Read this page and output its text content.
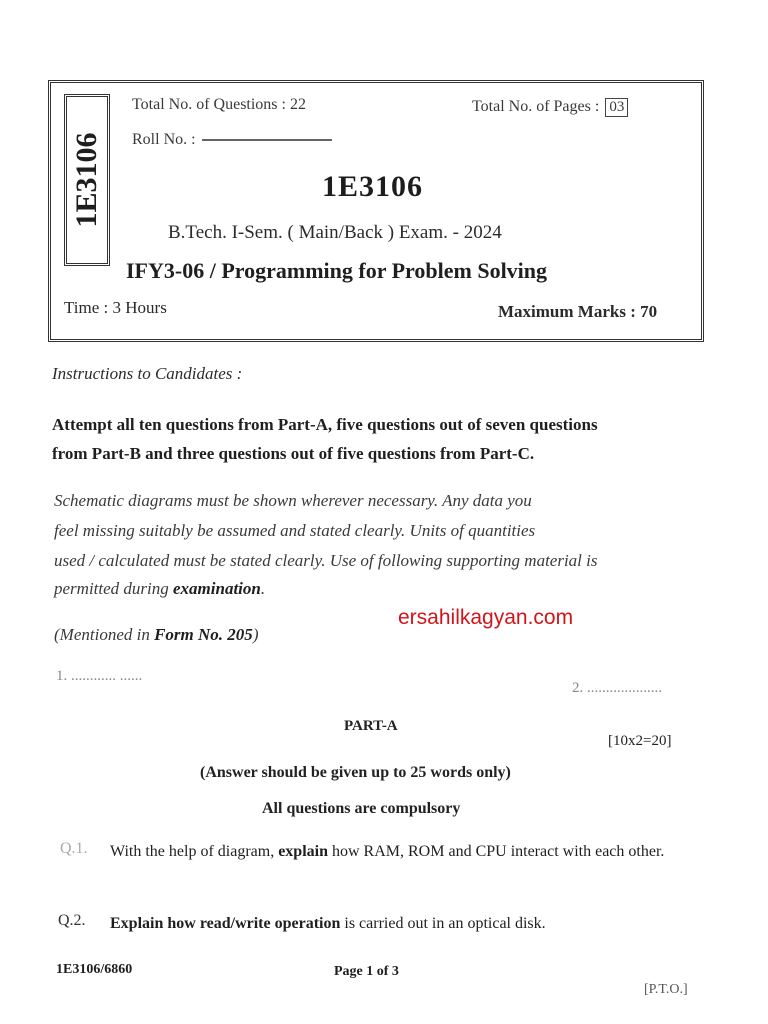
1E3106
Total No. of Questions : 22	Total No. of Pages : 03
Roll No. :
1E3106
B.Tech. I-Sem. ( Main/Back ) Exam. - 2024
IFY3-06 / Programming for Problem Solving
Time : 3 Hours	Maximum Marks : 70
Instructions to Candidates :
Attempt all ten questions from Part-A, five questions out of seven questions
from Part-B and three questions out of five questions from Part-C.
Schematic diagrams must be shown wherever necessary. Any data you
feel missing suitably be assumed and stated clearly. Units of quantities
used / calculated must be stated clearly. Use of following supporting material is
permitted during examination.
(Mentioned in Form No. 205)
ersahilkagyan.com
1. ............ ......
2. ....................
PART-A
[10x2=20]
(Answer should be given up to 25 words only)
All questions are compulsory
Q.1. With the help of diagram, explain how RAM, ROM and CPU interact with each other.
Q.2. Explain how read/write operation is carried out in an optical disk.
1E3106/6860	Page 1 of 3
[P.T.O.]
